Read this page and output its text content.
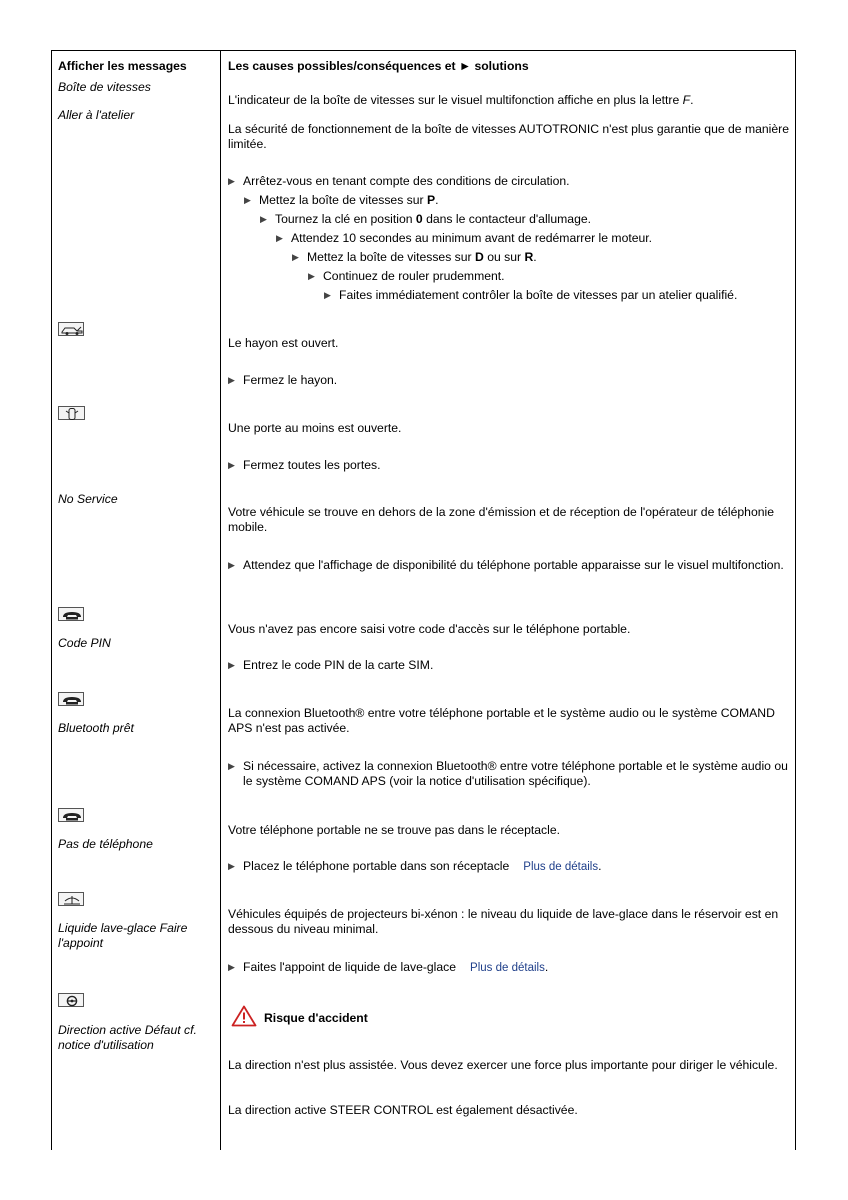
Afficher les messages	Les causes possibles/conséquences et ► solutions
Boîte de vitesses
Aller à l'atelier
L'indicateur de la boîte de vitesses sur le visuel multifonction affiche en plus la lettre F.
La sécurité de fonctionnement de la boîte de vitesses AUTOTRONIC n'est plus garantie que de manière limitée.
▶ Arrêtez-vous en tenant compte des conditions de circulation.
▶ Mettez la boîte de vitesses sur P.
▶ Tournez la clé en position 0 dans le contacteur d'allumage.
▶ Attendez 10 secondes au minimum avant de redémarrer le moteur.
▶ Mettez la boîte de vitesses sur D ou sur R.
▶ Continuez de rouler prudemment.
▶ Faites immédiatement contrôler la boîte de vitesses par un atelier qualifié.
Le hayon est ouvert.
▶ Fermez le hayon.
Une porte au moins est ouverte.
▶ Fermez toutes les portes.
No Service
Votre véhicule se trouve en dehors de la zone d'émission et de réception de l'opérateur de téléphonie mobile.
▶ Attendez que l'affichage de disponibilité du téléphone portable apparaisse sur le visuel multifonction.
Code PIN
Vous n'avez pas encore saisi votre code d'accès sur le téléphone portable.
▶ Entrez le code PIN de la carte SIM.
Bluetooth prêt
La connexion Bluetooth® entre votre téléphone portable et le système audio ou le système COMAND APS n'est pas activée.
▶ Si nécessaire, activez la connexion Bluetooth® entre votre téléphone portable et le système audio ou le système COMAND APS (voir la notice d'utilisation spécifique).
Pas de téléphone
Votre téléphone portable ne se trouve pas dans le réceptacle.
▶ Placez le téléphone portable dans son réceptacle Plus de détails.
Liquide lave-glace Faire l'appoint
Véhicules équipés de projecteurs bi-xénon : le niveau du liquide de lave-glace dans le réservoir est en dessous du niveau minimal.
▶ Faites l'appoint de liquide de lave-glace Plus de détails.
Direction active Défaut cf. notice d'utilisation
Risque d'accident
La direction n'est plus assistée. Vous devez exercer une force plus importante pour diriger le véhicule.
La direction active STEER CONTROL est également désactivée.
